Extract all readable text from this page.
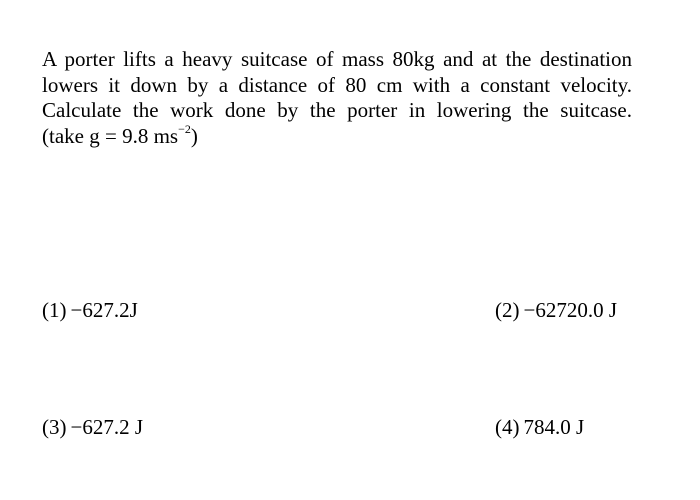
A porter lifts a heavy suitcase of mass 80kg and at the destination
lowers it down by a distance of 80 cm with a constant velocity.
Calculate the work done by the porter in lowering the suitcase.
(take g = 9.8 $ms^{-2}$)
(1) −627.2J	(2) −62720.0 J
(3) −627.2 J	(4) 784.0 J
